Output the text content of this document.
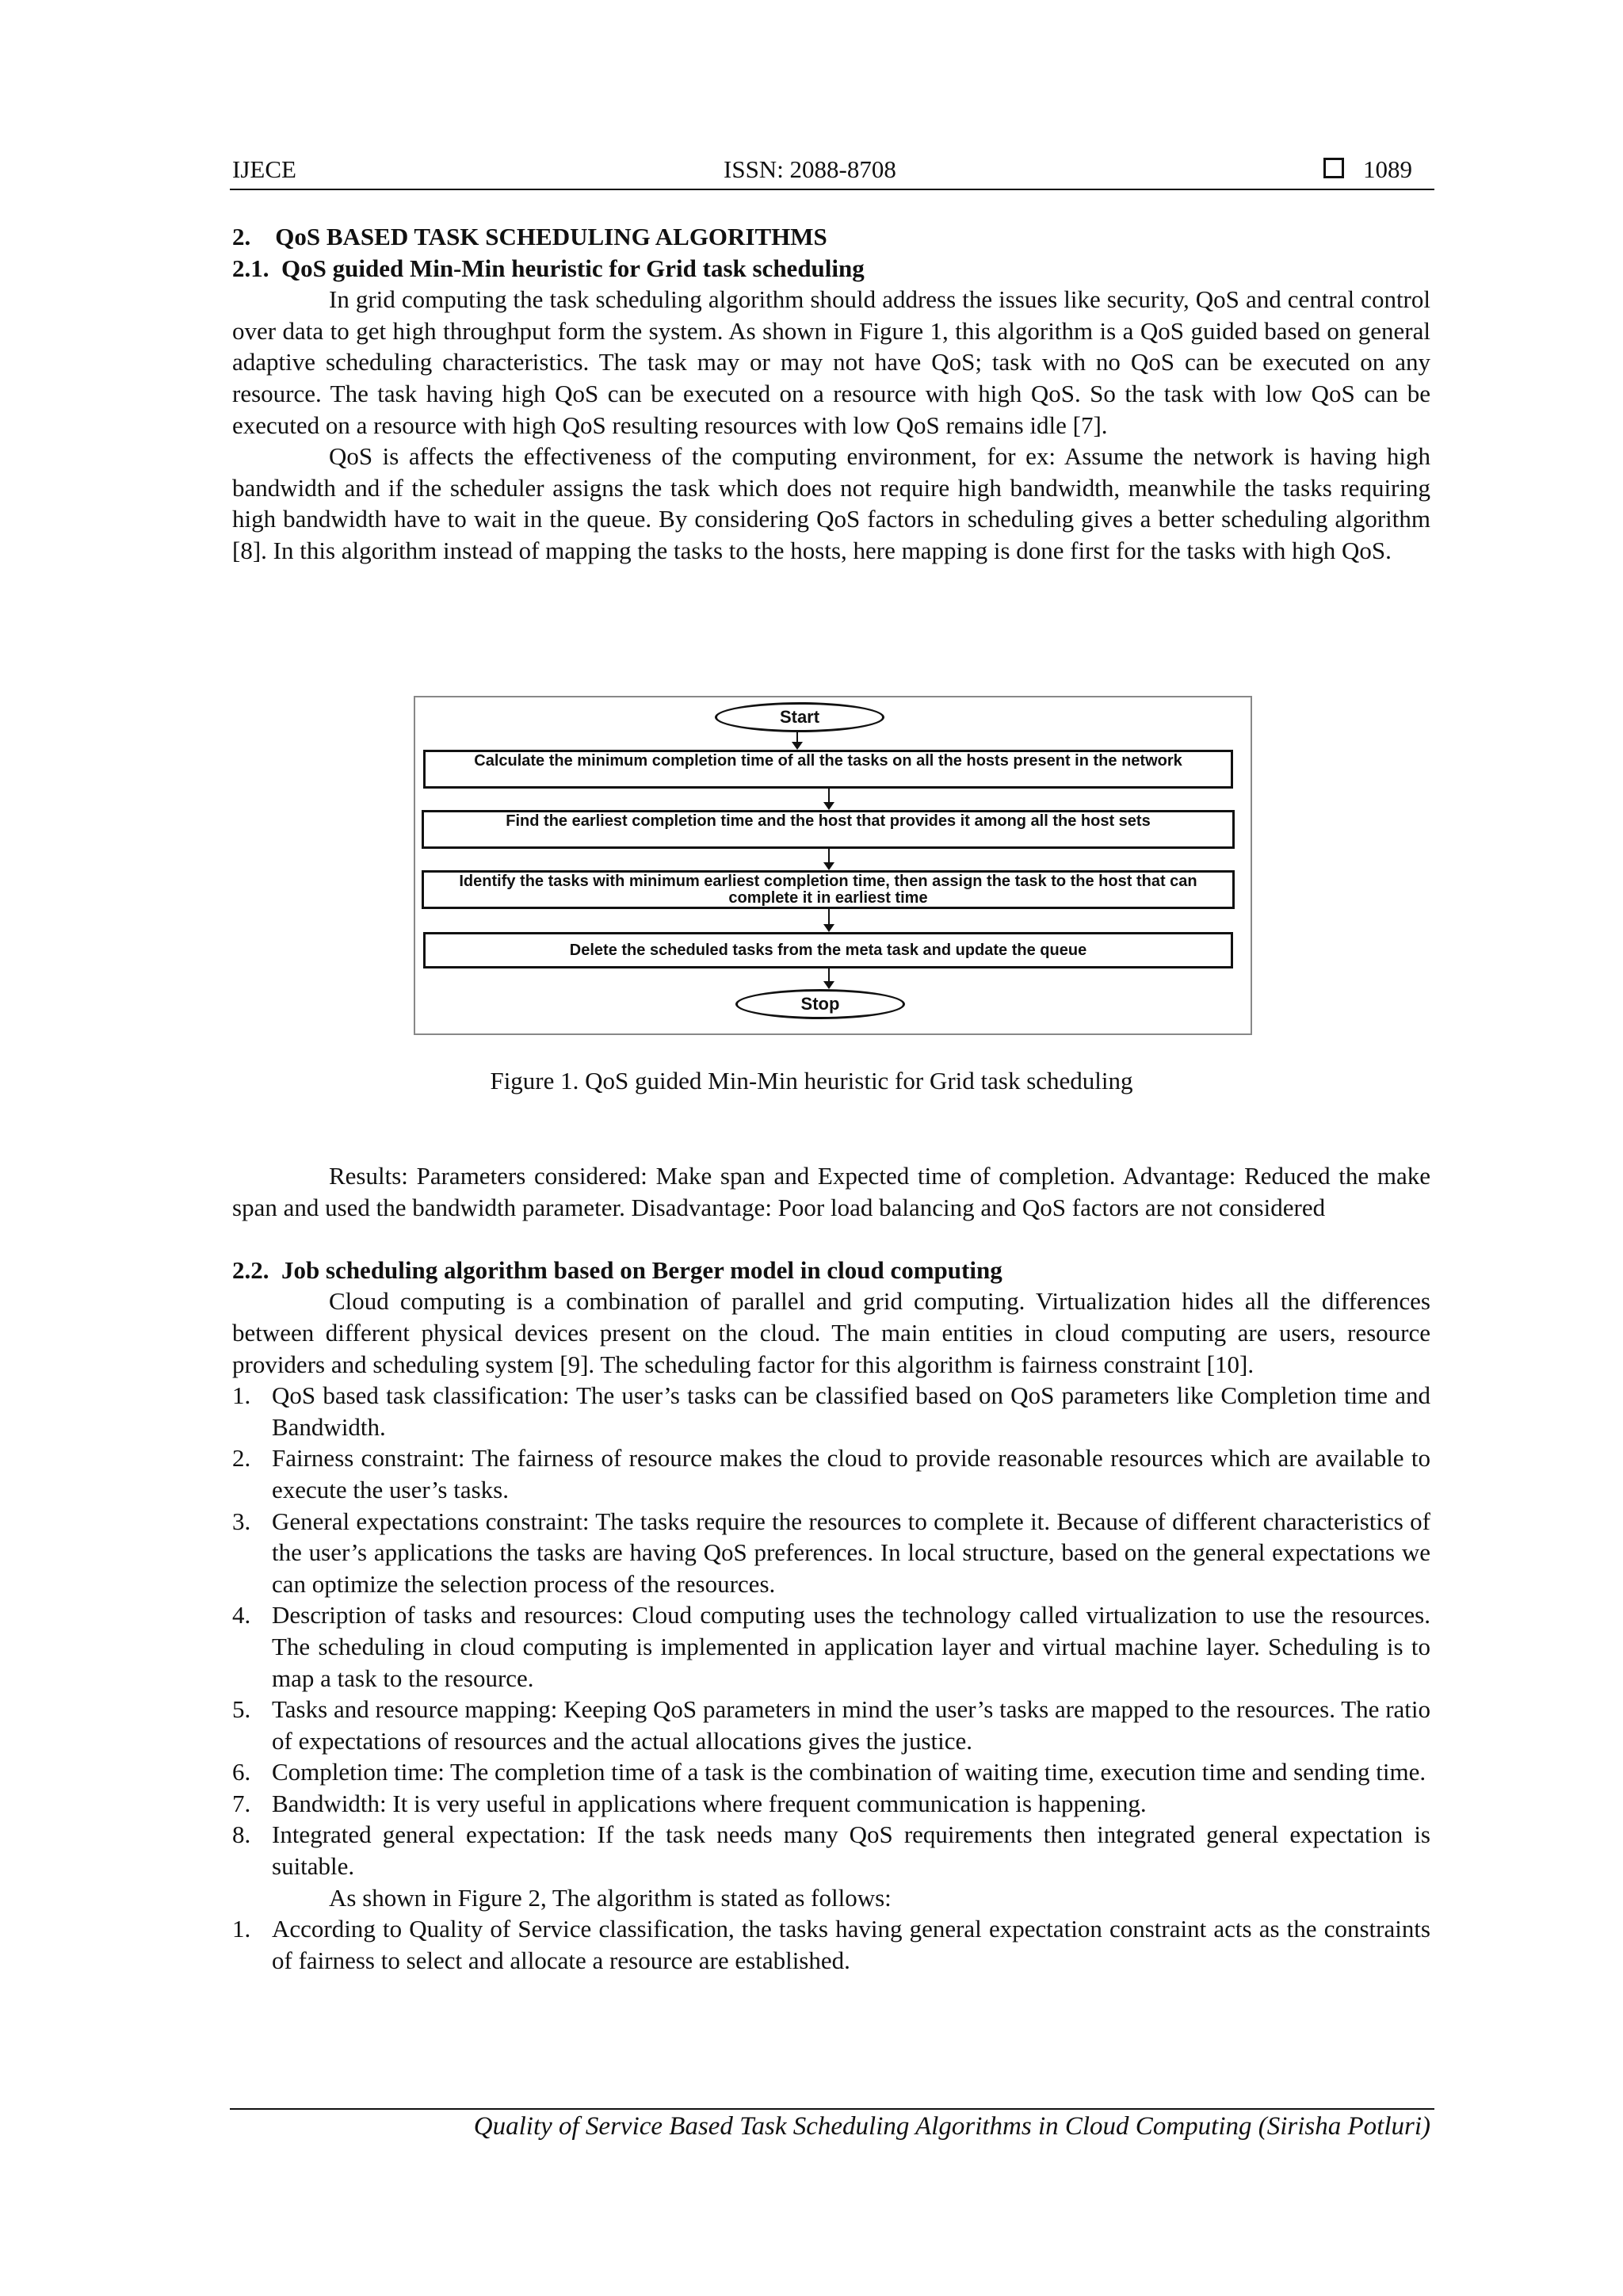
IJECE	ISSN: 2088-8708	1089

2.    QoS BASED TASK SCHEDULING ALGORITHMS

2.1.  QoS guided Min-Min heuristic for Grid task scheduling

In grid computing the task scheduling algorithm should address the issues like security, QoS and central control over data to get high throughput form the system. As shown in Figure 1, this algorithm is a QoS guided based on general adaptive scheduling characteristics. The task may or may not have QoS; task with no QoS can be executed on any resource. The task having high QoS can be executed on a resource with high QoS. So the task with low QoS can be executed on a resource with high QoS resulting resources with low QoS remains idle [7].

QoS is affects the effectiveness of the computing environment, for ex: Assume the network is having high bandwidth and if the scheduler assigns the task which does not require high bandwidth, meanwhile the tasks requiring high bandwidth have to wait in the queue. By considering QoS factors in scheduling gives a better scheduling algorithm [8]. In this algorithm instead of mapping the tasks to the hosts, here mapping is done first for the tasks with high QoS.

Start
Calculate the minimum completion time of all the tasks on all the hosts present in the network
Find the earliest completion time and the host that provides it among all the host sets
Identify the tasks with minimum earliest completion time, then assign the task to the host that can complete it in earliest time
Delete the scheduled tasks from the meta task and update the queue
Stop
Figure 1. QoS guided Min-Min heuristic for Grid task scheduling

Results: Parameters considered: Make span and Expected time of completion. Advantage: Reduced the make span and used the bandwidth parameter. Disadvantage: Poor load balancing and QoS factors are not considered

2.2.  Job scheduling algorithm based on Berger model in cloud computing

Cloud computing is a combination of parallel and grid computing. Virtualization hides all the differences between different physical devices present on the cloud. The main entities in cloud computing are users, resource providers and scheduling system [9]. The scheduling factor for this algorithm is fairness constraint [10].

1. QoS based task classification: The user’s tasks can be classified based on QoS parameters like Completion time and Bandwidth.
2. Fairness constraint: The fairness of resource makes the cloud to provide reasonable resources which are available to execute the user’s tasks.
3. General expectations constraint: The tasks require the resources to complete it. Because of different characteristics of the user’s applications the tasks are having QoS preferences. In local structure, based on the general expectations we can optimize the selection process of the resources.
4. Description of tasks and resources: Cloud computing uses the technology called virtualization to use the resources. The scheduling in cloud computing is implemented in application layer and virtual machine layer. Scheduling is to map a task to the resource.
5. Tasks and resource mapping: Keeping QoS parameters in mind the user’s tasks are mapped to the resources. The ratio of expectations of resources and the actual allocations gives the justice.
6. Completion time: The completion time of a task is the combination of waiting time, execution time and sending time.
7. Bandwidth: It is very useful in applications where frequent communication is happening.
8. Integrated general expectation: If the task needs many QoS requirements then integrated general expectation is suitable.

As shown in Figure 2, The algorithm is stated as follows:

1. According to Quality of Service classification, the tasks having general expectation constraint acts as the constraints of fairness to select and allocate a resource are established.
Quality of Service Based Task Scheduling Algorithms in Cloud Computing (Sirisha Potluri)
